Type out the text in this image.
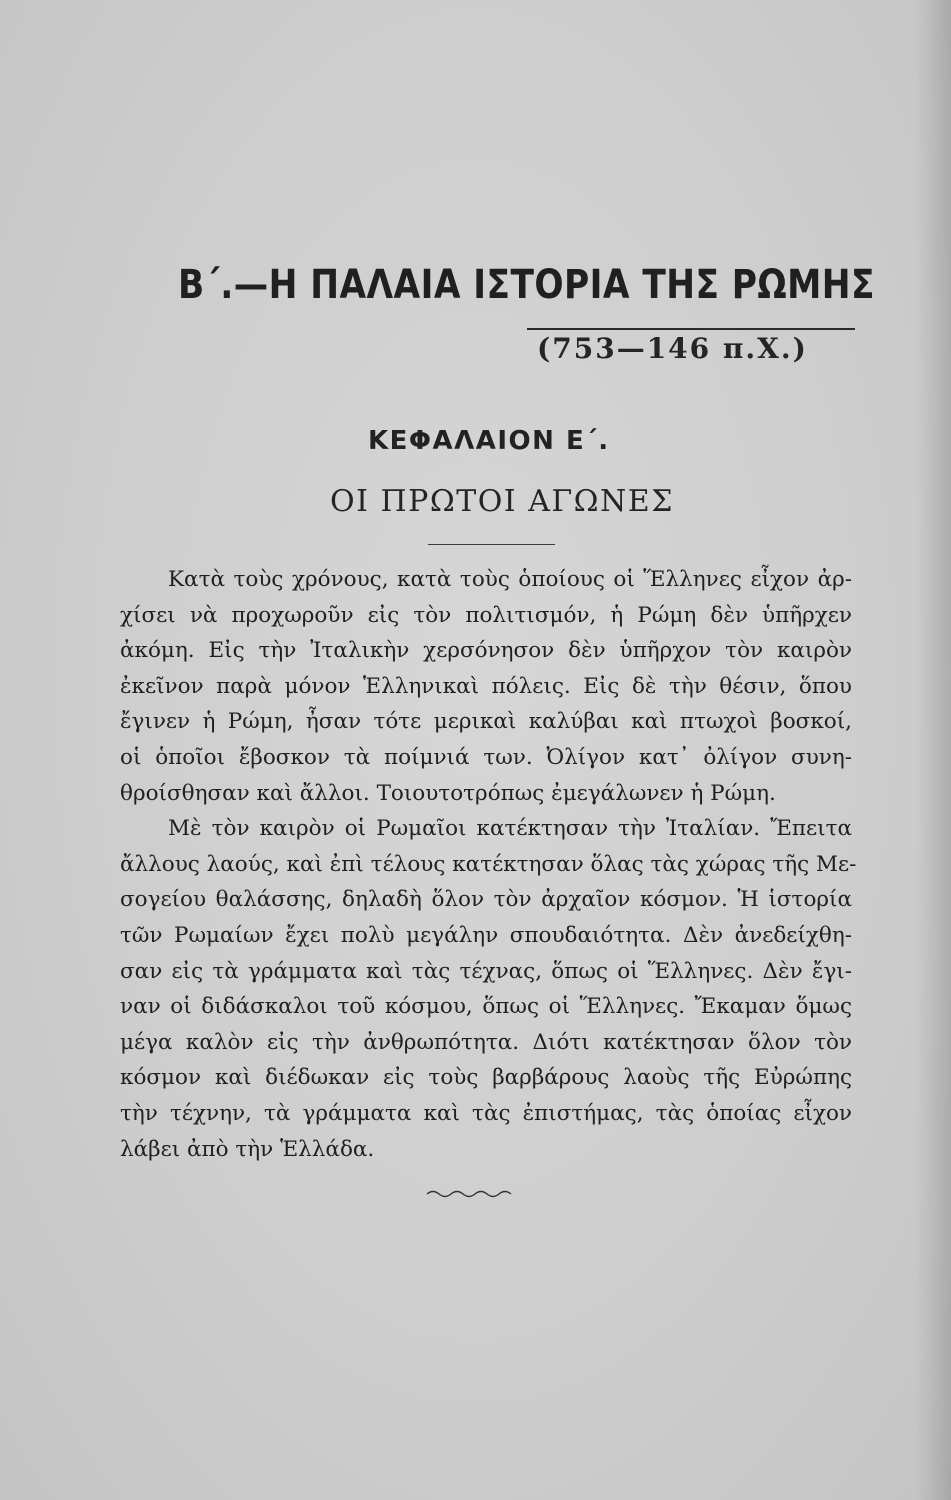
Β΄.—Η ΠΑΛΑΙΑ ΙΣΤΟΡΙΑ ΤΗΣ ΡΩΜΗΣ
(753—146 π.Χ.)
ΚΕΦΑΛΑΙΟΝ Ε΄.
ΟΙ ΠΡΩΤΟΙ ΑΓΩΝΕΣ
Κατὰ τοὺς χρόνους, κατὰ τοὺς ὁποίους οἱ Ἕλληνες εἶχον ἀρ-
χίσει νὰ προχωροῦν εἰς τὸν πολιτισμόν, ἡ Ρώμη δὲν ὑπῆρχεν
ἀκόμη. Εἰς τὴν Ἰταλικὴν χερσόνησον δὲν ὑπῆρχον τὸν καιρὸν
ἐκεῖνον παρὰ μόνον Ἑλληνικαὶ πόλεις. Εἰς δὲ τὴν θέσιν, ὅπου
ἔγινεν ἡ Ρώμη, ἦσαν τότε μερικαὶ καλύβαι καὶ πτωχοὶ βοσκοί,
οἱ ὁποῖοι ἔβοσκον τὰ ποίμνιά των. Ὀλίγον κατ᾿ ὀλίγον συνη-
θροίσθησαν καὶ ἄλλοι. Τοιουτοτρόπως ἐμεγάλωνεν ἡ Ρώμη.
Μὲ τὸν καιρὸν οἱ Ρωμαῖοι κατέκτησαν τὴν Ἰταλίαν. Ἔπειτα
ἄλλους λαούς, καὶ ἐπὶ τέλους κατέκτησαν ὅλας τὰς χώρας τῆς Με-
σογείου θαλάσσης, δηλαδὴ ὅλον τὸν ἀρχαῖον κόσμον. Ἡ ἱστορία
τῶν Ρωμαίων ἔχει πολὺ μεγάλην σπουδαιότητα. Δὲν ἀνεδείχθη-
σαν εἰς τὰ γράμματα καὶ τὰς τέχνας, ὅπως οἱ Ἕλληνες. Δὲν ἔγι-
ναν οἱ διδάσκαλοι τοῦ κόσμου, ὅπως οἱ Ἕλληνες. Ἔκαμαν ὅμως
μέγα καλὸν εἰς τὴν ἀνθρωπότητα. Διότι κατέκτησαν ὅλον τὸν
κόσμον καὶ διέδωκαν εἰς τοὺς βαρβάρους λαοὺς τῆς Εὐρώπης
τὴν τέχνην, τὰ γράμματα καὶ τὰς ἐπιστήμας, τὰς ὁποίας εἶχον
λάβει ἀπὸ τὴν Ἑλλάδα.
